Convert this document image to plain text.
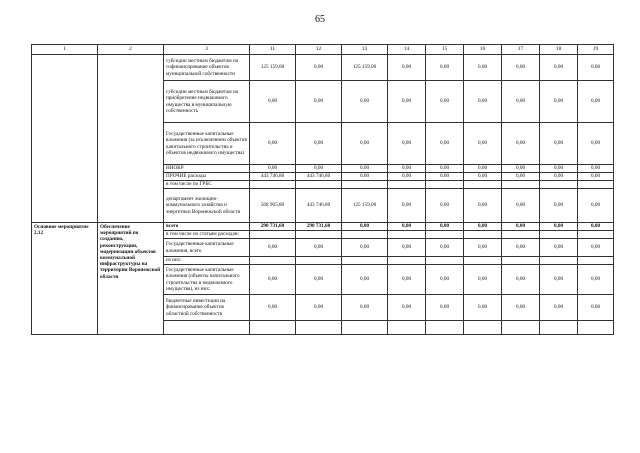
65
1	2	3	11	12	13	14	15	16	17	18	19
		субсидии местным бюджетам на софинансирование объектов муниципальной собственности	125 159,00	0,00	125 159,00	0,00	0,00	0,00	0,00	0,00	0,00
		субсидии местным бюджетам на приобретение недвижимого имущества в муниципальную собственность	0,00	0,00	0,00	0,00	0,00	0,00	0,00	0,00	0,00
		Государственные капитальные вложения (за исключением объектов капитального строительства и объектов недвижимого имущества)	0,00	0,00	0,00	0,00	0,00	0,00	0,00	0,00	0,00
		НИОКР	0,00	0,00	0,00	0,00	0,00	0,00	0,00	0,00	0,00
		ПРОЧИЕ расходы	443 746,80	443 746,80	0,00	0,00	0,00	0,00	0,00	0,00	0,00
		в том числе по ГРБС									
		департамент жилищно-коммунального хозяйства и энергетики Воронежской области	568 905,80	443 746,80	125 159,00	0,00	0,00	0,00	0,00	0,00	0,00
Основное мероприятие 2.12	Обеспечение мероприятий по созданию, реконструкции, модернизации объектов коммунальной инфраструктуры на территории Воронежской области	всего	290 731,60	290 731,60	0,00	0,00	0,00	0,00	0,00	0,00	0,00
		в том числе по статьям расходов:									
		Государственные капитальные вложения, всего	0,00	0,00	0,00	0,00	0,00	0,00	0,00	0,00	0,00
		из них:									
		Государственные капитальные вложения (объекты капитального строительства и недвижимого имущества), из них:	0,00	0,00	0,00	0,00	0,00	0,00	0,00	0,00	0,00
		бюджетные инвестиции на финансирование объектов областной собственности	0,00	0,00	0,00	0,00	0,00	0,00	0,00	0,00	0,00
